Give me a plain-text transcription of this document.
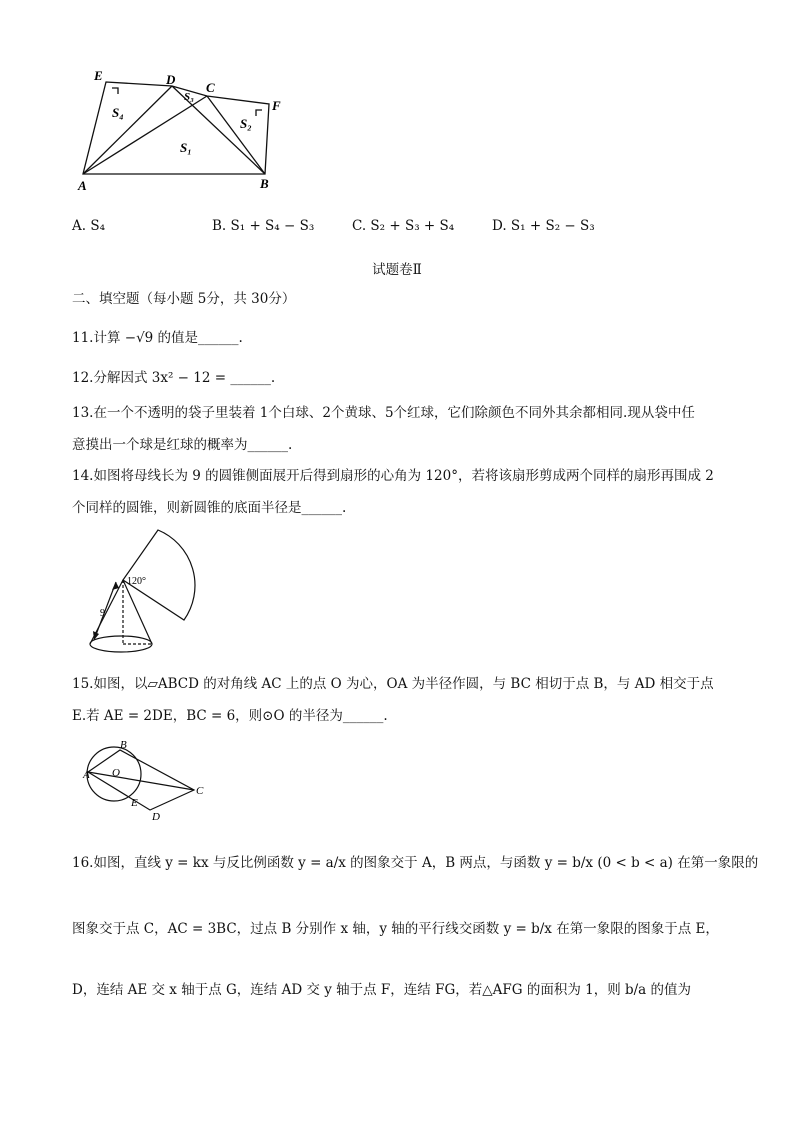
E	D
S₃
C
F
S₄
S₂
S₁
A	B
A. S₄	B. S₁ + S₄ − S₃	C. S₂ + S₃ + S₄	D. S₁ + S₂ − S₃
试题卷Ⅱ
二、填空题（每小题 5分，共 30分）
11.计算 −√9 的值是______.
12.分解因式 3x² − 12 = ______.
13.在一个不透明的袋子里装着 1个白球、2个黄球、5个红球，它们除颜色不同外其余都相同.现从袋中任
意摸出一个球是红球的概率为______.
14.如图将母线长为 9 的圆锥侧面展开后得到扇形的心角为 120°，若将该扇形剪成两个同样的扇形再围成 2
个同样的圆锥，则新圆锥的底面半径是______.
120°
9
15.如图，以▱ABCD 的对角线 AC 上的点 O 为心，OA 为半径作圆，与 BC 相切于点 B，与 AD 相交于点
E.若 AE = 2DE，BC = 6，则⊙O 的半径为______.
A O
B
C
E
D
16.如图，直线 y = kx 与反比例函数 y = a/x 的图象交于 A，B 两点，与函数 y = b/x (0 < b < a) 在第一象限的
图象交于点 C，AC = 3BC，过点 B 分别作 x 轴，y 轴的平行线交函数 y = b/x 在第一象限的图象于点 E，
D，连结 AE 交 x 轴于点 G，连结 AD 交 y 轴于点 F，连结 FG，若△AFG 的面积为 1，则 b/a 的值为
